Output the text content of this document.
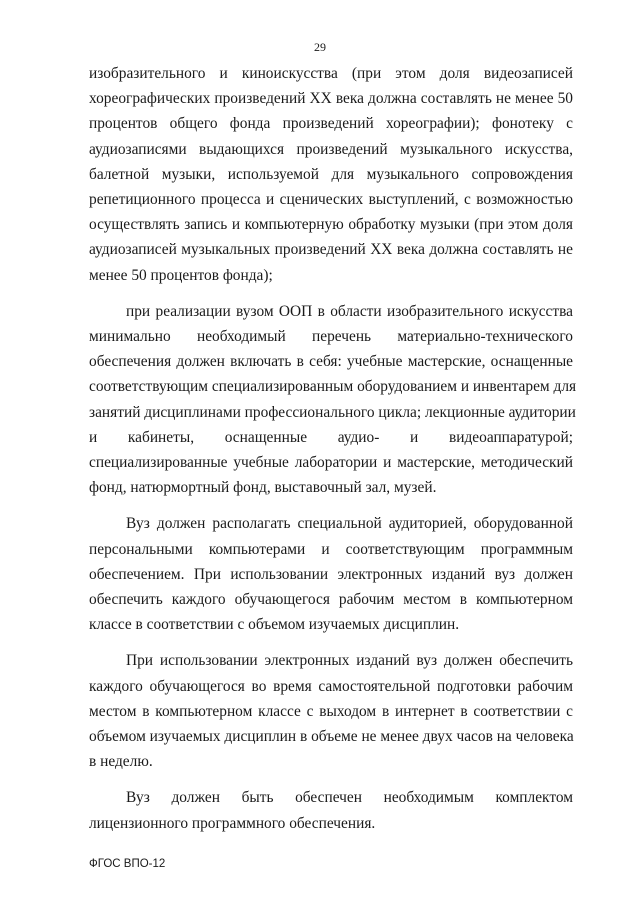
29
изобразительного и киноискусства (при этом доля видеозаписей
хореографических произведений XX века должна составлять не менее 50
процентов общего фонда произведений хореографии); фонотеку с
аудиозаписями выдающихся произведений музыкального искусства,
балетной музыки, используемой для музыкального сопровождения
репетиционного процесса и сценических выступлений, с возможностью
осуществлять запись и компьютерную обработку музыки (при этом доля
аудиозаписей музыкальных произведений XX века должна составлять не
менее 50 процентов фонда);
при реализации вузом ООП в области изобразительного искусства
минимально необходимый перечень материально-технического
обеспечения должен включать в себя: учебные мастерские, оснащенные
соответствующим специализированным оборудованием и инвентарем для
занятий дисциплинами профессионального цикла; лекционные аудитории
и кабинеты, оснащенные аудио- и видеоаппаратурой;
специализированные учебные лаборатории и мастерские, методический
фонд, натюрмортный фонд, выставочный зал, музей.
Вуз должен располагать специальной аудиторией, оборудованной
персональными компьютерами и соответствующим программным
обеспечением. При использовании электронных изданий вуз должен
обеспечить каждого обучающегося рабочим местом в компьютерном
классе в соответствии с объемом изучаемых дисциплин.
При использовании электронных изданий вуз должен обеспечить
каждого обучающегося во время самостоятельной подготовки рабочим
местом в компьютерном классе с выходом в интернет в соответствии с
объемом изучаемых дисциплин в объеме не менее двух часов на человека
в неделю.
Вуз должен быть обеспечен необходимым комплектом
лицензионного программного обеспечения.
ФГОС ВПО-12
